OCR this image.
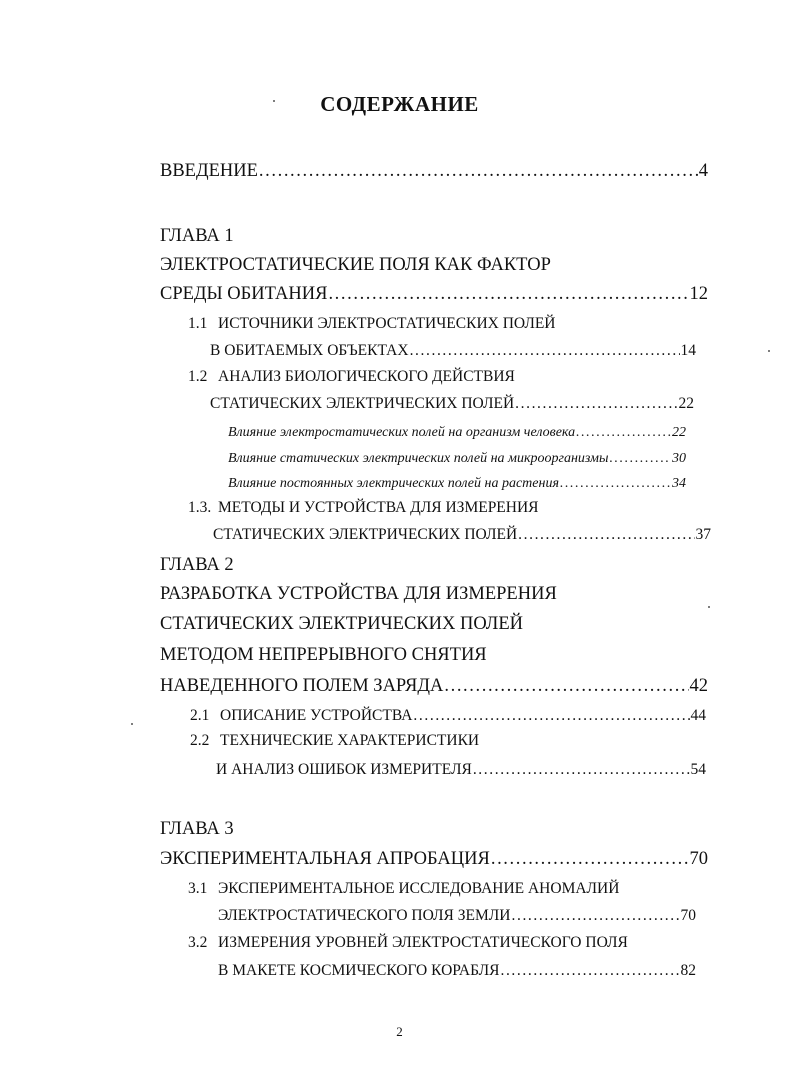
СОДЕРЖАНИЕ
ВВЕДЕНИЕ .....	4
ГЛАВА 1
ЭЛЕКТРОСТАТИЧЕСКИЕ ПОЛЯ КАК ФАКТОР
СРЕДЫ ОБИТАНИЯ .....	12
1.1 ИСТОЧНИКИ ЭЛЕКТРОСТАТИЧЕСКИХ ПОЛЕЙ
В ОБИТАЕМЫХ ОБЪЕКТАХ .....	14
1.2 АНАЛИЗ БИОЛОГИЧЕСКОГО ДЕЙСТВИЯ
СТАТИЧЕСКИХ ЭЛЕКТРИЧЕСКИХ ПОЛЕЙ .....	22
Влияние электростатических полей на организм человека .....	22
Влияние статических электрических полей на микроорганизмы .....	30
Влияние постоянных электрических полей на растения .....	34
1.3. МЕТОДЫ И УСТРОЙСТВА ДЛЯ ИЗМЕРЕНИЯ
СТАТИЧЕСКИХ ЭЛЕКТРИЧЕСКИХ ПОЛЕЙ .....	37
ГЛАВА 2
РАЗРАБОТКА УСТРОЙСТВА ДЛЯ ИЗМЕРЕНИЯ
СТАТИЧЕСКИХ ЭЛЕКТРИЧЕСКИХ ПОЛЕЙ
МЕТОДОМ НЕПРЕРЫВНОГО СНЯТИЯ
НАВЕДЕННОГО ПОЛЕМ ЗАРЯДА .....	42
2.1 ОПИСАНИЕ УСТРОЙСТВА .....	44
2.2 ТЕХНИЧЕСКИЕ ХАРАКТЕРИСТИКИ
И АНАЛИЗ ОШИБОК ИЗМЕРИТЕЛЯ .....	54
ГЛАВА 3
ЭКСПЕРИМЕНТАЛЬНАЯ АПРОБАЦИЯ .....	70
3.1 ЭКСПЕРИМЕНТАЛЬНОЕ ИССЛЕДОВАНИЕ АНОМАЛИЙ
ЭЛЕКТРОСТАТИЧЕСКОГО ПОЛЯ ЗЕМЛИ .....	70
3.2 ИЗМЕРЕНИЯ УРОВНЕЙ ЭЛЕКТРОСТАТИЧЕСКОГО ПОЛЯ
В МАКЕТЕ КОСМИЧЕСКОГО КОРАБЛЯ .....	82
2
